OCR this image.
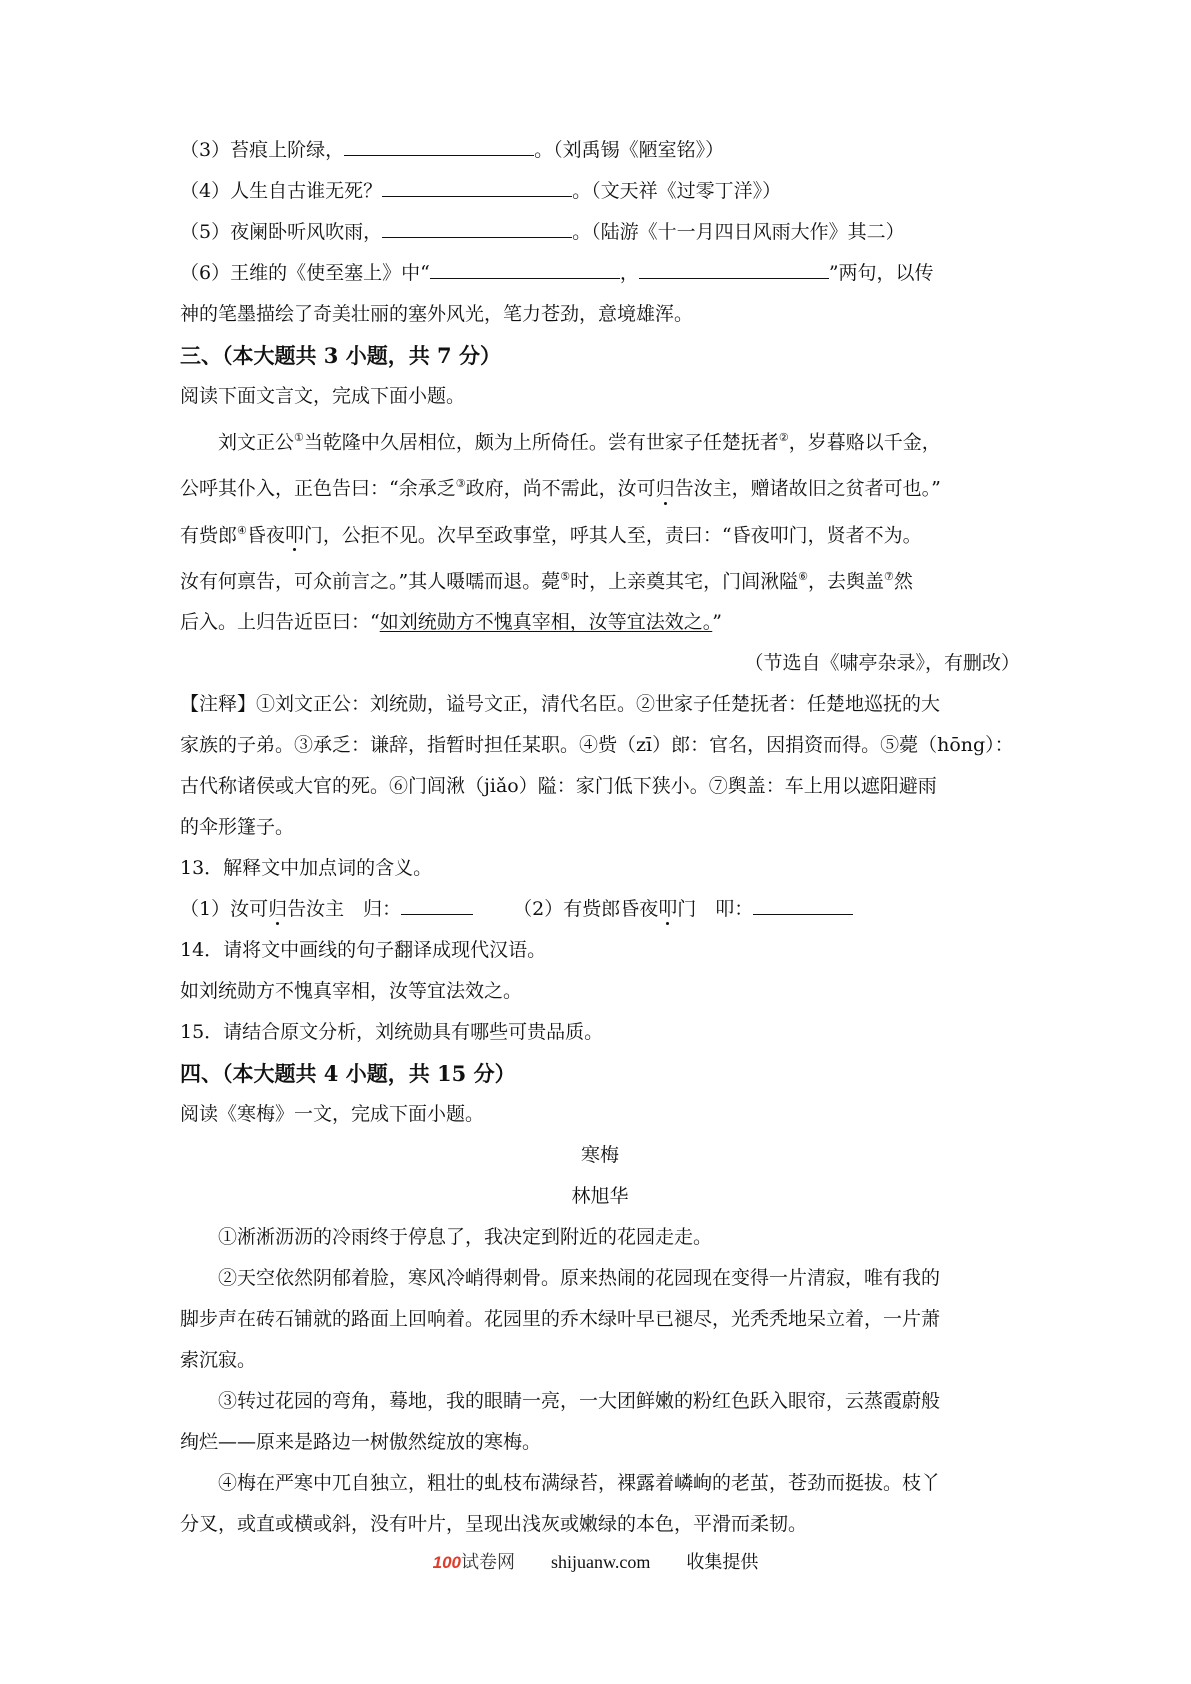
（3）苔痕上阶绿，	。（刘禹锡《陋室铭》）
（4）人生自古谁无死？	。（文天祥《过零丁洋》）
（5）夜阑卧听风吹雨，	。（陆游《十一月四日风雨大作》其二）
（6）王维的《使至塞上》中“	，	”两句，以传
神的笔墨描绘了奇美壮丽的塞外风光，笔力苍劲，意境雄浑。
三、（本大题共 3 小题，共 7 分）
阅读下面文言文，完成下面小题。
刘文正公①当乾隆中久居相位，颇为上所倚任。尝有世家子任楚抚者②，岁暮赂以千金，
公呼其仆入，正色告曰：“余承乏③政府，尚不需此，汝可归告汝主，赠诸故旧之贫者可也。”
有赀郎④昏夜叩门，公拒不见。次早至政事堂，呼其人至，责曰：“昏夜叩门，贤者不为。
汝有何禀告，可众前言之。”其人嗫嚅而退。薨⑤时，上亲奠其宅，门闾湫隘⑥，去舆盖⑦然
后入。上归告近臣曰：“如刘统勋方不愧真宰相，汝等宜法效之。”
（节选自《啸亭杂录》，有删改）
【注释】①刘文正公：刘统勋，谥号文正，清代名臣。②世家子任楚抚者：任楚地巡抚的大
家族的子弟。③承乏：谦辞，指暂时担任某职。④赀（zī）郎：官名，因捐资而得。⑤薨（hōng）：
古代称诸侯或大官的死。⑥门闾湫（jiǎo）隘：家门低下狭小。⑦舆盖：车上用以遮阳避雨
的伞形篷子。
13．解释文中加点词的含义。
（1）汝可归告汝主　归：	（2）有赀郎昏夜叩门　叩：
14．请将文中画线的句子翻译成现代汉语。
如刘统勋方不愧真宰相，汝等宜法效之。
15．请结合原文分析，刘统勋具有哪些可贵品质。
四、（本大题共 4 小题，共 15 分）
阅读《寒梅》一文，完成下面小题。
寒梅
林旭华
①淅淅沥沥的冷雨终于停息了，我决定到附近的花园走走。
②天空依然阴郁着脸，寒风冷峭得刺骨。原来热闹的花园现在变得一片清寂，唯有我的
脚步声在砖石铺就的路面上回响着。花园里的乔木绿叶早已褪尽，光秃秃地呆立着，一片萧
索沉寂。
③转过花园的弯角，蓦地，我的眼睛一亮，一大团鲜嫩的粉红色跃入眼帘，云蒸霞蔚般
绚烂——原来是路边一树傲然绽放的寒梅。
④梅在严寒中兀自独立，粗壮的虬枝布满绿苔，裸露着嶙峋的老茧，苍劲而挺拔。枝丫
分叉，或直或横或斜，没有叶片，呈现出浅灰或嫩绿的本色，平滑而柔韧。
100试卷网 shijuanw.com 收集提供
